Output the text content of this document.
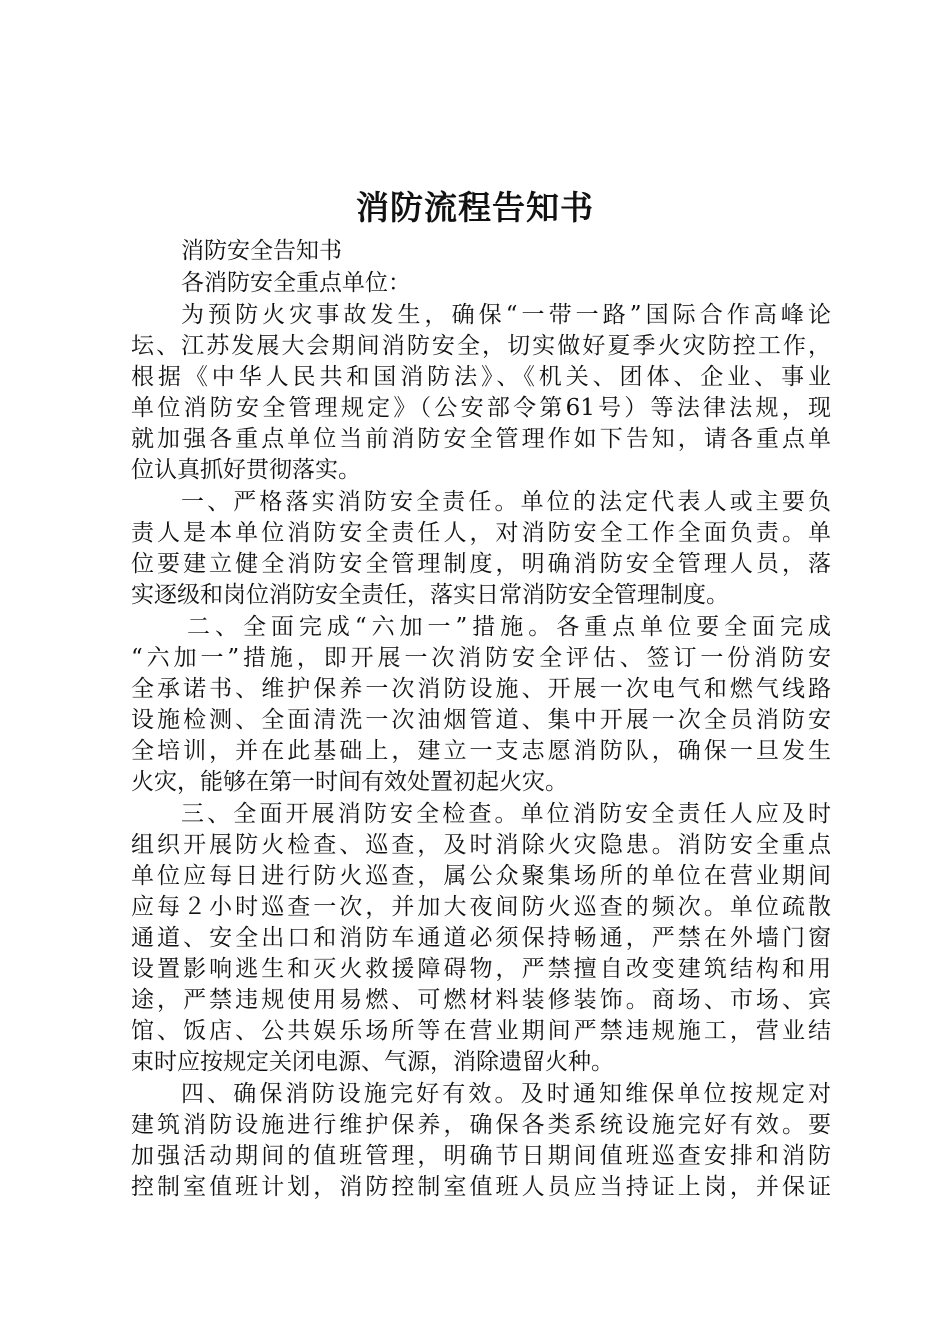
消防流程告知书
消防安全告知书
各消防安全重点单位：
为预防火灾事故发生，确保“一带一路”国际合作高峰论
坛、江苏发展大会期间消防安全，切实做好夏季火灾防控工作，
根据《中华人民共和国消防法》、《机关、团体、企业、事业
单位消防安全管理规定》（公安部令第61号）等法律法规，现
就加强各重点单位当前消防安全管理作如下告知，请各重点单
位认真抓好贯彻落实。
一、严格落实消防安全责任。单位的法定代表人或主要负
责人是本单位消防安全责任人，对消防安全工作全面负责。单
位要建立健全消防安全管理制度，明确消防安全管理人员，落
实逐级和岗位消防安全责任，落实日常消防安全管理制度。
二、全面完成“六加一”措施。各重点单位要全面完成
“六加一”措施，即开展一次消防安全评估、签订一份消防安
全承诺书、维护保养一次消防设施、开展一次电气和燃气线路
设施检测、全面清洗一次油烟管道、集中开展一次全员消防安
全培训，并在此基础上，建立一支志愿消防队，确保一旦发生
火灾，能够在第一时间有效处置初起火灾。
三、全面开展消防安全检查。单位消防安全责任人应及时
组织开展防火检查、巡查，及时消除火灾隐患。消防安全重点
单位应每日进行防火巡查，属公众聚集场所的单位在营业期间
应每２小时巡查一次，并加大夜间防火巡查的频次。单位疏散
通道、安全出口和消防车通道必须保持畅通，严禁在外墙门窗
设置影响逃生和灭火救援障碍物，严禁擅自改变建筑结构和用
途，严禁违规使用易燃、可燃材料装修装饰。商场、市场、宾
馆、饭店、公共娱乐场所等在营业期间严禁违规施工，营业结
束时应按规定关闭电源、气源，消除遗留火种。
四、确保消防设施完好有效。及时通知维保单位按规定对
建筑消防设施进行维护保养，确保各类系统设施完好有效。要
加强活动期间的值班管理，明确节日期间值班巡查安排和消防
控制室值班计划，消防控制室值班人员应当持证上岗，并保证
